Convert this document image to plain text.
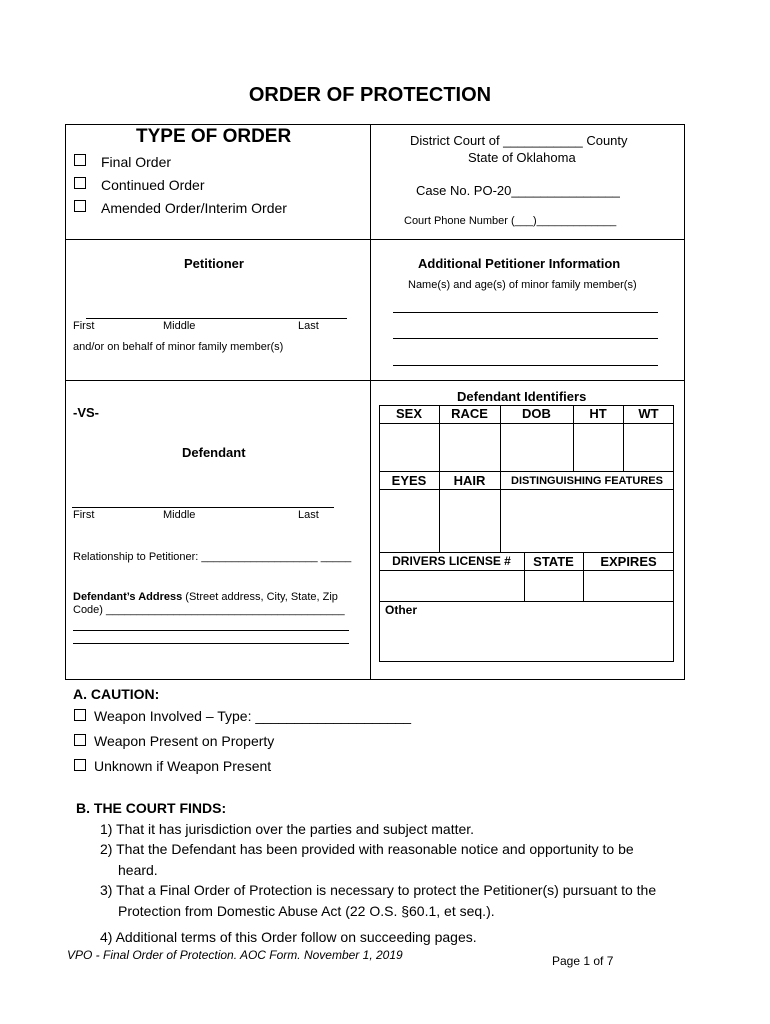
ORDER OF PROTECTION
TYPE OF ORDER
Final Order
Continued Order
Amended Order/Interim Order
District Court of ___________ County
State of Oklahoma
Case No. PO-20_______________
Court Phone Number (___)_____________
Petitioner
First	Middle	Last
and/or on behalf of minor family member(s)
Additional Petitioner Information
Name(s) and age(s) of minor family member(s)
-VS-
Defendant
First	Middle	Last
Relationship to Petitioner: ___________________ _____
Defendant’s Address (Street address, City, State, Zip
Code) _______________________________________
Defendant Identifiers
SEX	RACE	DOB	HT	WT
EYES	HAIR	DISTINGUISHING FEATURES
DRIVERS LICENSE #	STATE	EXPIRES
Other
A. CAUTION:
Weapon Involved – Type: ____________________
Weapon Present on Property
Unknown if Weapon Present
B. THE COURT FINDS:
1) That it has jurisdiction over the parties and subject matter.
2) That the Defendant has been provided with reasonable notice and opportunity to be
heard.
3) That a Final Order of Protection is necessary to protect the Petitioner(s) pursuant to the
Protection from Domestic Abuse Act (22 O.S. §60.1, et seq.).
4) Additional terms of this Order follow on succeeding pages.
VPO - Final Order of Protection. AOC Form. November 1, 2019	Page 1 of 7
